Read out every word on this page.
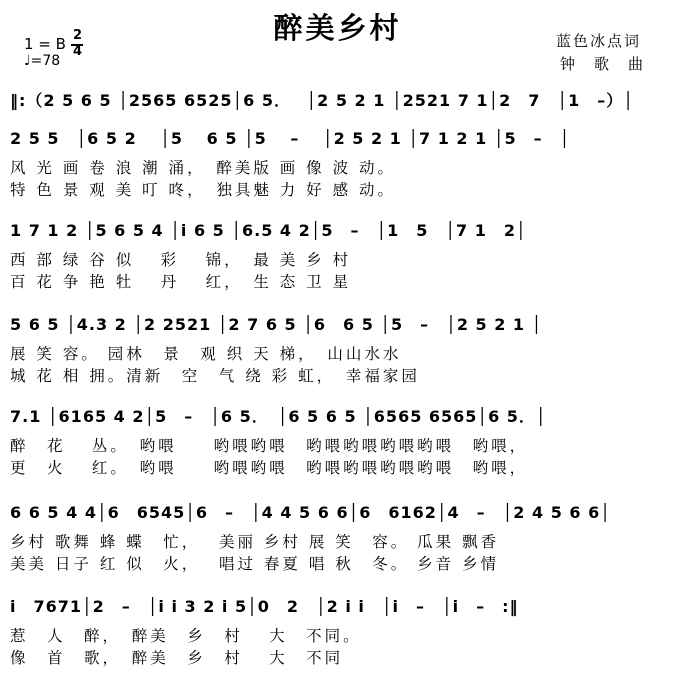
醉美乡村
1 = B 2
4
♩=78
蓝色冰点词
钟　歌　曲
‖:（2 5 6 5 │2565 6525│6 5．　 │2 5 2 1 │2521 7 1│2　7　│1　–）│
2 5 5　│6 5 2　 │5　 6 5 │5　 –　 │2 5 2 1 │7 1 2 1 │5　–　│
风 光 画 卷 浪 潮 涌，　醉美版 画 像 波 动。
特 色 景 观 美 叮 咚，　独具魅 力 好 感 动。
1 7 1 2 │5 6 5 4 │i 6 5 │6.5 4 2│5　–　│1　5　│7 1　2│
西 部 绿 谷 似　 彩　 锦，　最 美 乡 村
百 花 争 艳 牡　 丹　 红，　生 态 卫 星
5 6 5 │4.3 2 │2 2521 │2 7 6 5 │6　6 5 │5　–　│2 5 2 1 │
展 笑 容。 园林　景　观 织 天 梯，　山山水水
城 花 相 拥。清新　空　气 绕 彩 虹，　幸福家园
7.1 │6165 4 2│5　–　│6 5．　│6 5 6 5 │6565 6565│6 5．│
醉　花　 丛。　哟喂　　哟喂哟喂　哟喂哟喂哟喂哟喂　哟喂，
更　火　 红。　哟喂　　哟喂哟喂　哟喂哟喂哟喂哟喂　哟喂，
6 6 5 4 4│6　6545│6　–　│4 4 5 6 6│6　6162│4　–　│2 4 5 6 6│
乡村 歌舞 蜂 蝶　忙，　 美丽 乡村 展 笑　容。 瓜果 飘香
美美 日子 红 似　火，　 唱过 春夏 唱 秋　冬。 乡音 乡情
i　7671│2　–　│i i 3 2 i 5│0　2　│2 i i　│i　–　│i　–　:‖
惹　人　醉，　醉美　乡　村　 大　不同。
像　首　歌，　醉美　乡　村　 大　不同
